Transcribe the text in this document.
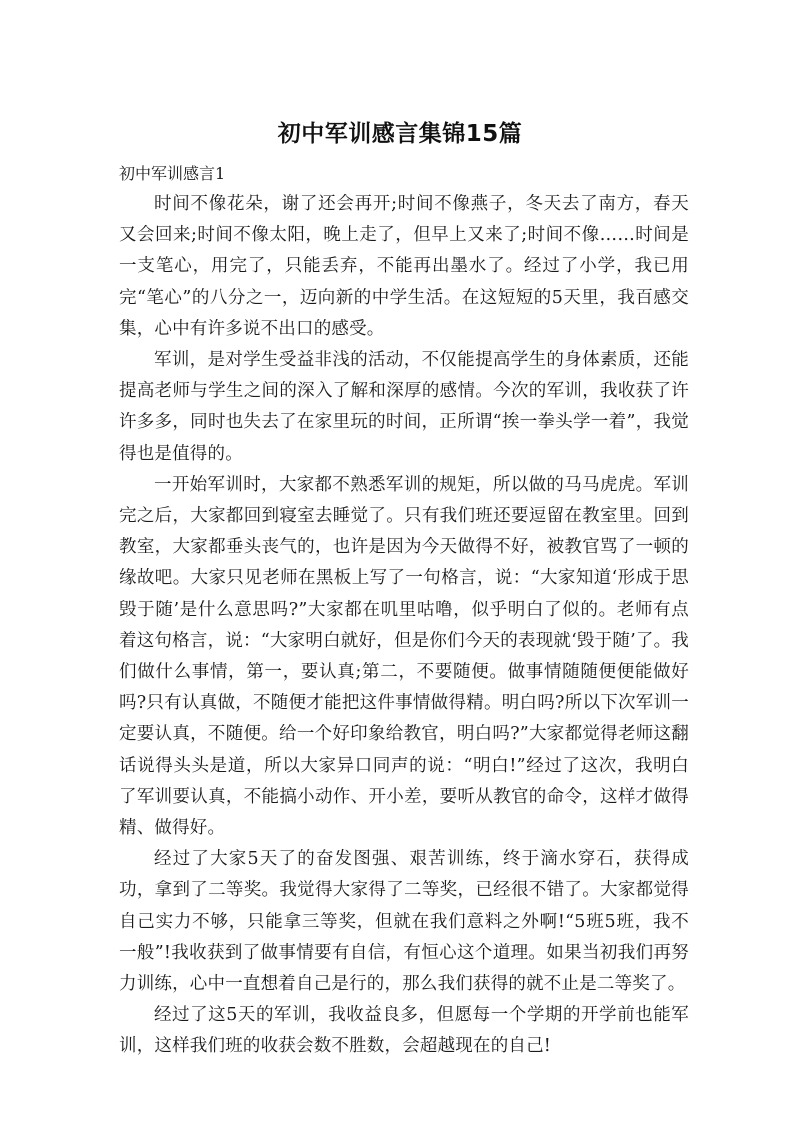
初中军训感言集锦15篇
初中军训感言1

时间不像花朵，谢了还会再开;时间不像燕子，冬天去了南方，春天又会回来;时间不像太阳，晚上走了，但早上又来了;时间不像……时间是一支笔心，用完了，只能丢弃，不能再出墨水了。经过了小学，我已用完“笔心”的八分之一，迈向新的中学生活。在这短短的5天里，我百感交集，心中有许多说不出口的感受。

军训，是对学生受益非浅的活动，不仅能提高学生的身体素质，还能提高老师与学生之间的深入了解和深厚的感情。今次的军训，我收获了许许多多，同时也失去了在家里玩的时间，正所谓“挨一拳头学一着”，我觉得也是值得的。

一开始军训时，大家都不熟悉军训的规矩，所以做的马马虎虎。军训完之后，大家都回到寝室去睡觉了。只有我们班还要逗留在教室里。回到教室，大家都垂头丧气的，也许是因为今天做得不好，被教官骂了一顿的缘故吧。大家只见老师在黑板上写了一句格言，说：“大家知道‘形成于思毁于随’是什么意思吗?”大家都在叽里咕噜，似乎明白了似的。老师有点着这句格言，说：“大家明白就好，但是你们今天的表现就‘毁于随’了。我们做什么事情，第一，要认真;第二，不要随便。做事情随随便便能做好吗?只有认真做，不随便才能把这件事情做得精。明白吗?所以下次军训一定要认真，不随便。给一个好印象给教官，明白吗?”大家都觉得老师这翻话说得头头是道，所以大家异口同声的说：“明白!”经过了这次，我明白了军训要认真，不能搞小动作、开小差，要听从教官的命令，这样才做得精、做得好。

经过了大家5天了的奋发图强、艰苦训练，终于滴水穿石，获得成功，拿到了二等奖。我觉得大家得了二等奖，已经很不错了。大家都觉得自己实力不够，只能拿三等奖，但就在我们意料之外啊!“5班5班，我不一般”!我收获到了做事情要有自信，有恒心这个道理。如果当初我们再努力训练，心中一直想着自己是行的，那么我们获得的就不止是二等奖了。

经过了这5天的军训，我收益良多，但愿每一个学期的开学前也能军训，这样我们班的收获会数不胜数，会超越现在的自己!
